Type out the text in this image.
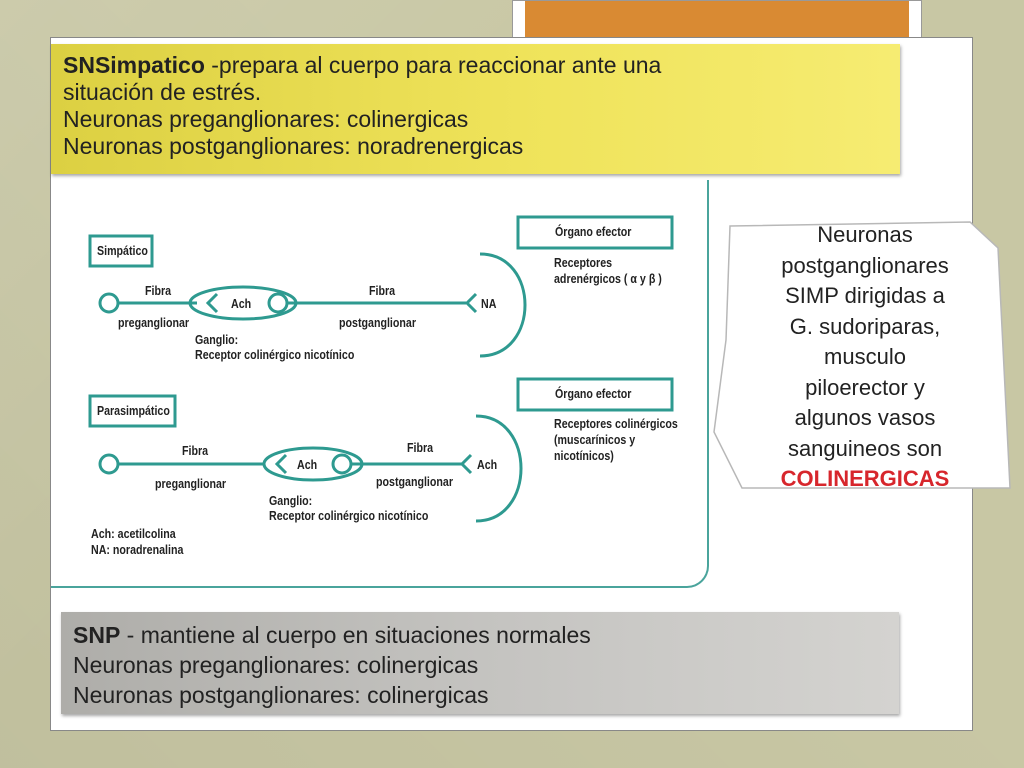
SNSimpatico -prepara al cuerpo para reaccionar ante una
situación de estrés.
Neuronas preganglionares: colinergicas
Neuronas postganglionares: noradrenergicas
Simpático
Órgano efector
Fibra
preganglionar
Ach
Fibra
postganglionar
Ganglio:
Receptor colinérgico nicotínico
NA
Receptores
adrenérgicos ( α y β )
Parasimpático
Órgano efector
Fibra
preganglionar
Ach
Fibra
postganglionar
Ganglio:
Receptor colinérgico nicotínico
Ach
Receptores colinérgicos
(muscarínicos y
nicotínicos)
Ach: acetilcolina
NA: noradrenalina
Neuronas
postganglionares
SIMP dirigidas a
G. sudoriparas,
musculo
piloerector y
algunos vasos
sanguineos son
COLINERGICAS
SNP - mantiene al cuerpo en situaciones normales
Neuronas preganglionares: colinergicas
Neuronas postganglionares: colinergicas
